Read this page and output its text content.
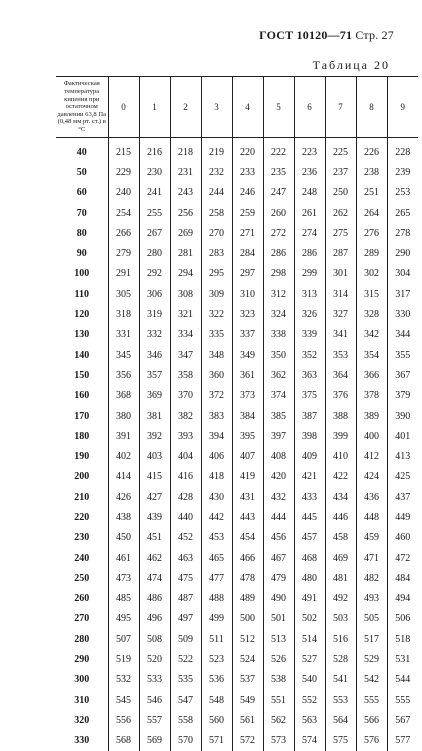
ГОСТ 10120—71 Стр. 27
Таблица 20
Фактическая температура кипения при остаточном давлении 63,8 Па (0,48 мм рт. ст.) в °С	0	1	2	3	4	5	6	7	8	9
40	215	216	218	219	220	222	223	225	226	228
50	229	230	231	232	233	235	236	237	238	239
60	240	241	243	244	246	247	248	250	251	253
70	254	255	256	258	259	260	261	262	264	265
80	266	267	269	270	271	272	274	275	276	278
90	279	280	281	283	284	286	286	287	289	290
100	291	292	294	295	297	298	299	301	302	304
110	305	306	308	309	310	312	313	314	315	317
120	318	319	321	322	323	324	326	327	328	330
130	331	332	334	335	337	338	339	341	342	344
140	345	346	347	348	349	350	352	353	354	355
150	356	357	358	360	361	362	363	364	366	367
160	368	369	370	372	373	374	375	376	378	379
170	380	381	382	383	384	385	387	388	389	390
180	391	392	393	394	395	397	398	399	400	401
190	402	403	404	406	407	408	409	410	412	413
200	414	415	416	418	419	420	421	422	424	425
210	426	427	428	430	431	432	433	434	436	437
220	438	439	440	442	443	444	445	446	448	449
230	450	451	452	453	454	456	457	458	459	460
240	461	462	463	465	466	467	468	469	471	472
250	473	474	475	477	478	479	480	481	482	484
260	485	486	487	488	489	490	491	492	493	494
270	495	496	497	499	500	501	502	503	505	506
280	507	508	509	511	512	513	514	516	517	518
290	519	520	522	523	524	526	527	528	529	531
300	532	533	535	536	537	538	540	541	542	544
310	545	546	547	548	549	551	552	553	555	555
320	556	557	558	560	561	562	563	564	566	567
330	568	569	570	571	572	573	574	575	576	577
